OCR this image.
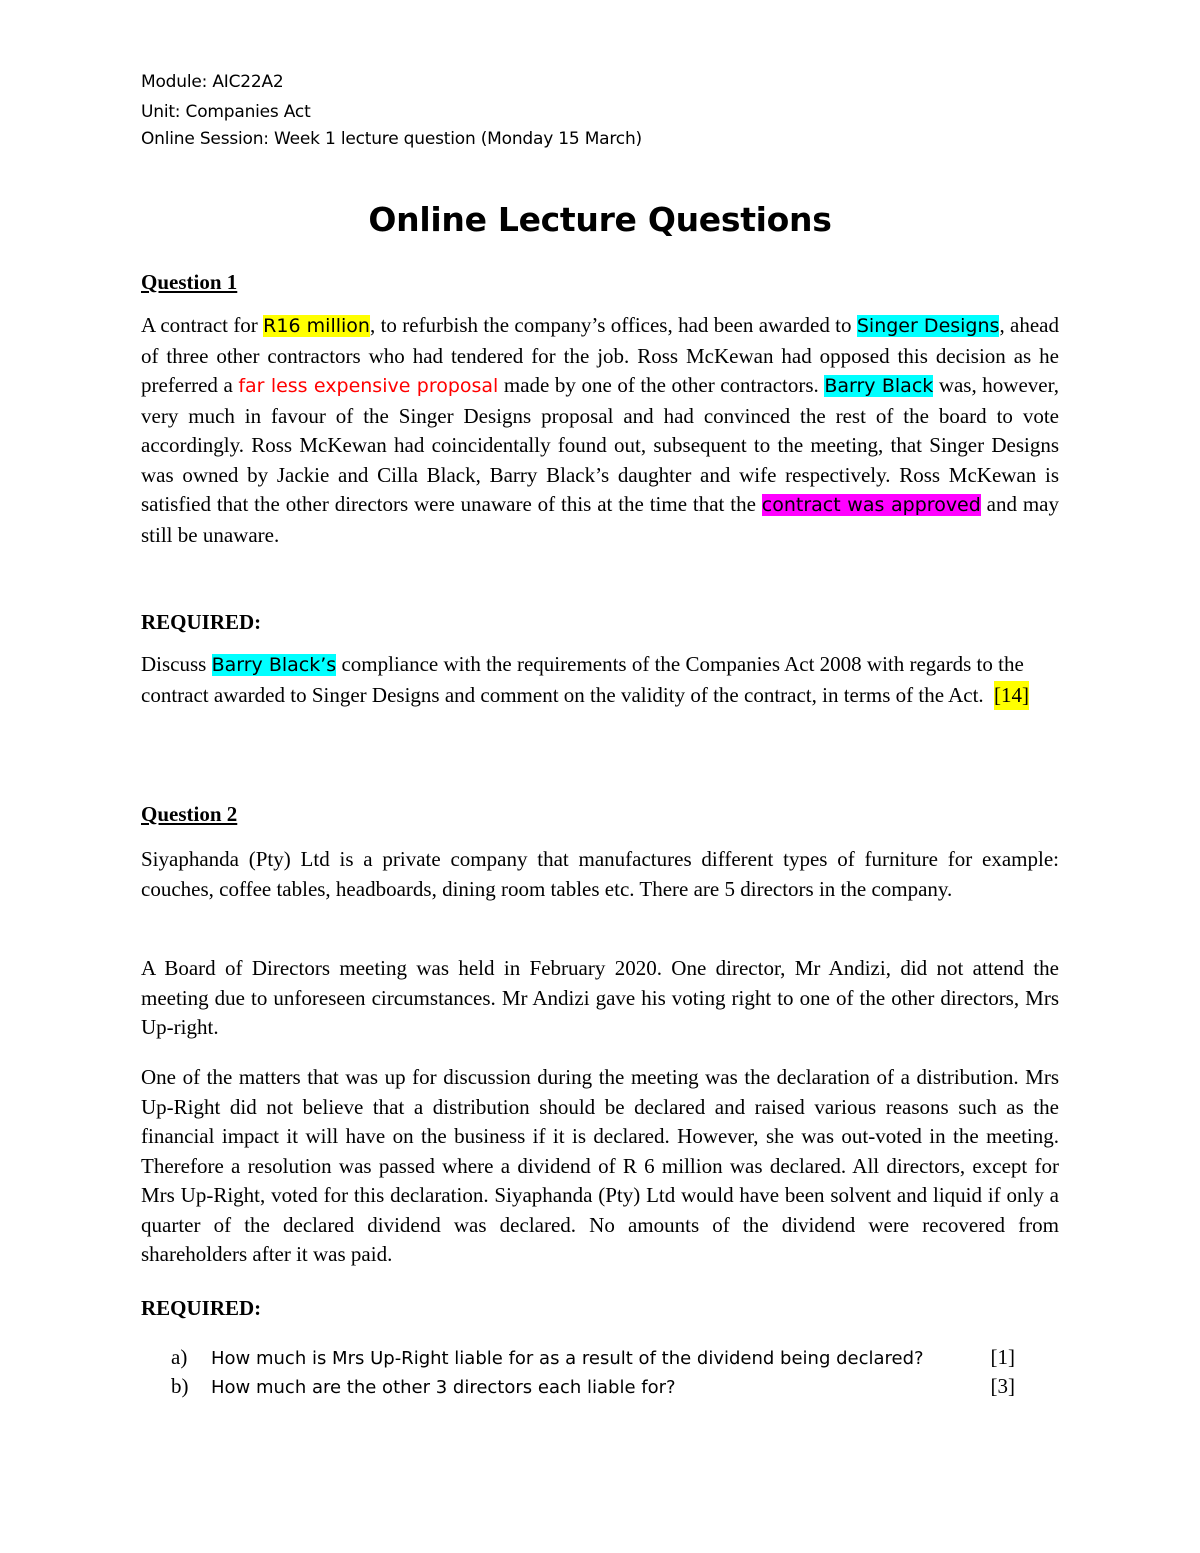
Module: AIC22A2
Unit: Companies Act
Online Session: Week 1 lecture question (Monday 15 March)
Online Lecture Questions
Question 1
A contract for R16 million, to refurbish the company’s offices, had been awarded to Singer Designs, ahead of three other contractors who had tendered for the job. Ross McKewan had opposed this decision as he preferred a far less expensive proposal made by one of the other contractors. Barry Black was, however, very much in favour of the Singer Designs proposal and had convinced the rest of the board to vote accordingly. Ross McKewan had coincidentally found out, subsequent to the meeting, that Singer Designs was owned by Jackie and Cilla Black, Barry Black’s daughter and wife respectively. Ross McKewan is satisfied that the other directors were unaware of this at the time that the contract was approved and may still be unaware.
REQUIRED:
Discuss Barry Black’s compliance with the requirements of the Companies Act 2008 with regards to the contract awarded to Singer Designs and comment on the validity of the contract, in terms of the Act. [14]
Question 2
Siyaphanda (Pty) Ltd is a private company that manufactures different types of furniture for example: couches, coffee tables, headboards, dining room tables etc. There are 5 directors in the company.
A Board of Directors meeting was held in February 2020. One director, Mr Andizi, did not attend the meeting due to unforeseen circumstances. Mr Andizi gave his voting right to one of the other directors, Mrs Up-right.
One of the matters that was up for discussion during the meeting was the declaration of a distribution. Mrs Up-Right did not believe that a distribution should be declared and raised various reasons such as the financial impact it will have on the business if it is declared. However, she was out-voted in the meeting. Therefore a resolution was passed where a dividend of R 6 million was declared. All directors, except for Mrs Up-Right, voted for this declaration. Siyaphanda (Pty) Ltd would have been solvent and liquid if only a quarter of the declared dividend was declared. No amounts of the dividend were recovered from shareholders after it was paid.
REQUIRED:
a) How much is Mrs Up-Right liable for as a result of the dividend being declared?	[1]
b) How much are the other 3 directors each liable for?	[3]
